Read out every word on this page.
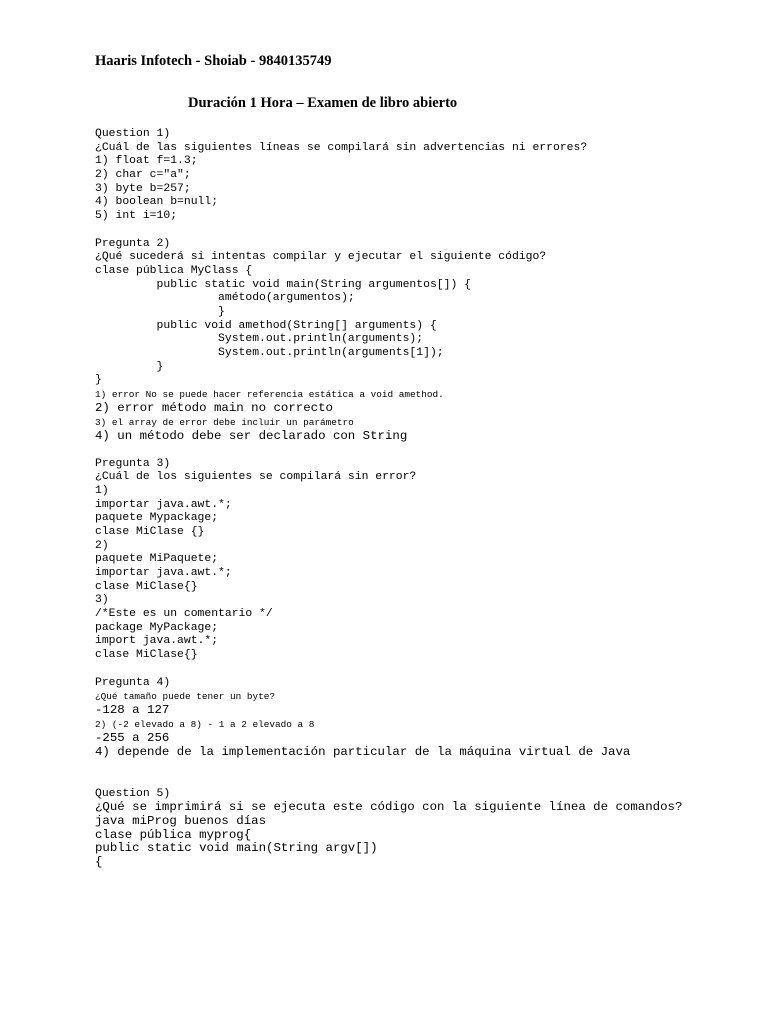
Haaris Infotech - Shoiab - 9840135749
Duración 1 Hora – Examen de libro abierto
Question 1)
¿Cuál de las siguientes líneas se compilará sin advertencias ni errores?
1) float f=1.3;
2) char c="a";
3) byte b=257;
4) boolean b=null;
5) int i=10;
Pregunta 2)
¿Qué sucederá si intentas compilar y ejecutar el siguiente código?
clase pública MyClass {
public static void main(String argumentos[]) {
amétodo(argumentos);
}
public void amethod(String[] arguments) {
System.out.println(arguments);
System.out.println(arguments[1]);
}
}
1) error No se puede hacer referencia estática a void amethod.
2) error método main no correcto
3) el array de error debe incluir un parámetro
4) un método debe ser declarado con String
Pregunta 3)
¿Cuál de los siguientes se compilará sin error?
1)
importar java.awt.*;
paquete Mypackage;
clase MiClase {}
2)
paquete MiPaquete;
importar java.awt.*;
clase MiClase{}
3)
/*Este es un comentario */
package MyPackage;
import java.awt.*;
clase MiClase{}
Pregunta 4)
¿Qué tamaño puede tener un byte?
-128 a 127
2) (-2 elevado a 8) - 1 a 2 elevado a 8
-255 a 256
4) depende de la implementación particular de la máquina virtual de Java
Question 5)
¿Qué se imprimirá si se ejecuta este código con la siguiente línea de comandos?
java miProg buenos días
clase pública myprog{
public static void main(String argv[])
{
